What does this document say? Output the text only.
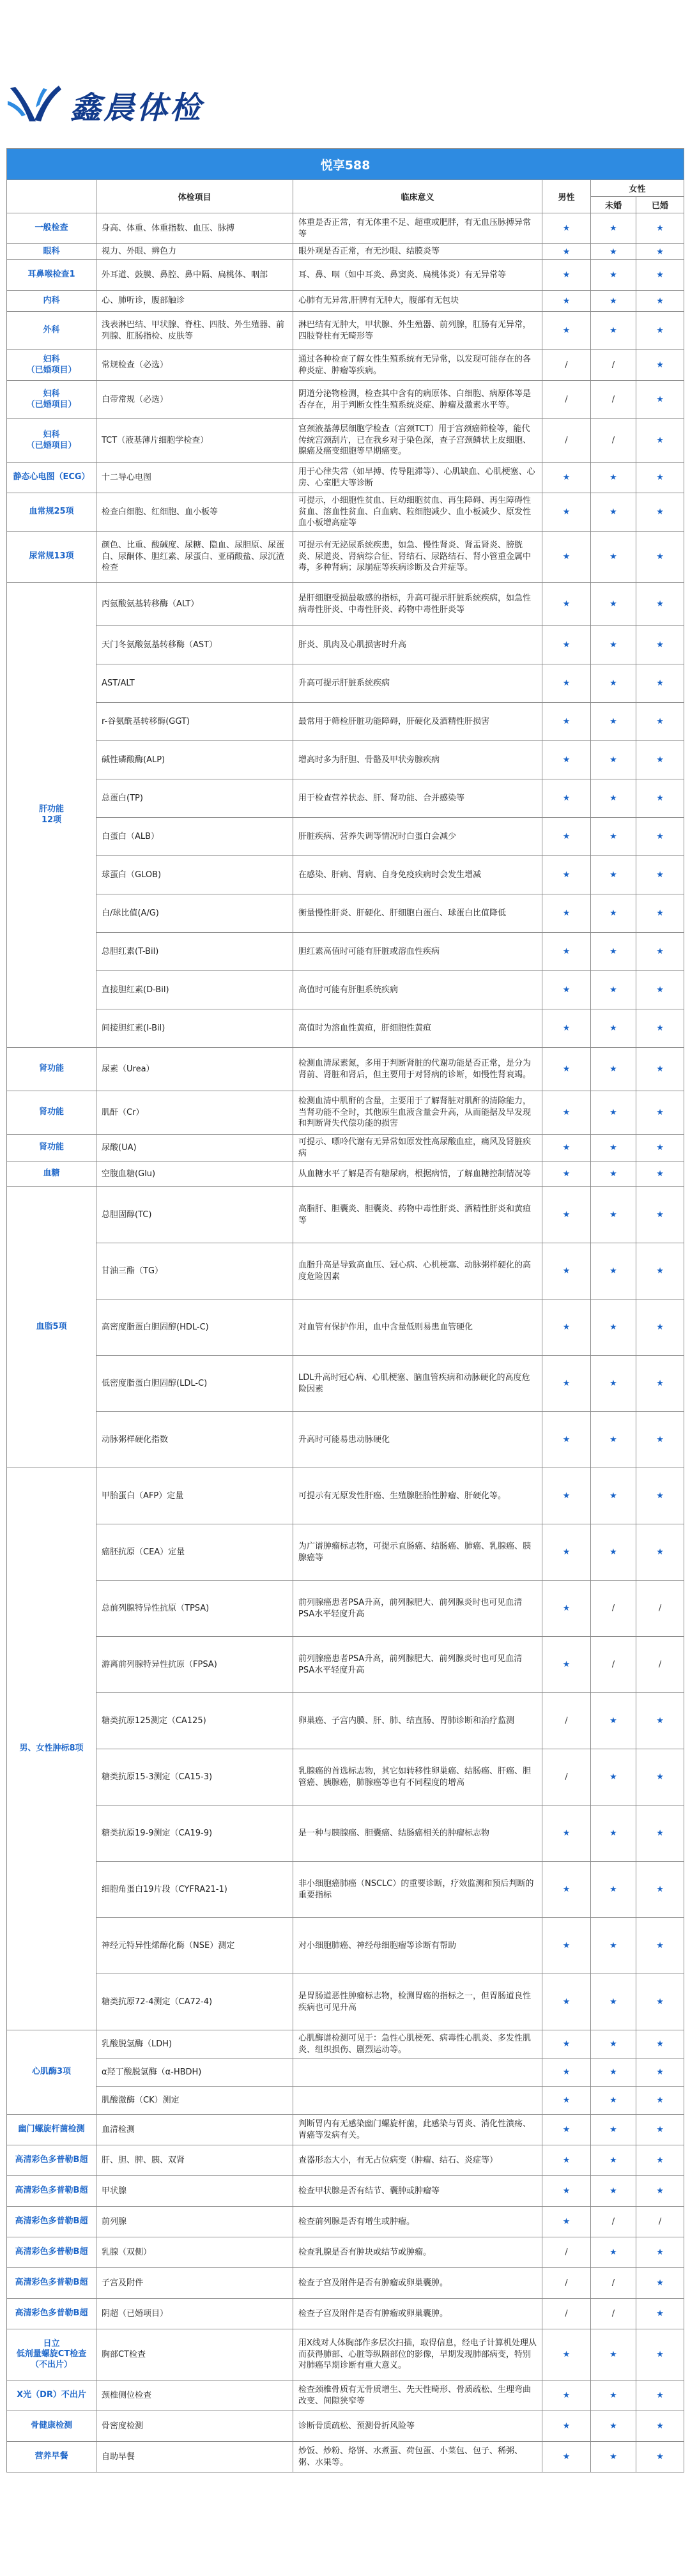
鑫晨体检
悦享588					
	体检项目	临床意义	男性	女性	
				未婚	已婚
一般检查	身高、体重、体重指数、血压、脉搏	体重是否正常，有无体重不足、超重或肥胖，有无血压脉搏异常等	★	★	★
眼科	视力、外眼、辨色力	眼外观是否正常，有无沙眼、结膜炎等	★	★	★
耳鼻喉检查1	外耳道、鼓膜、鼻腔、鼻中隔、扁桃体、咽部	耳、鼻、咽（如中耳炎、鼻窦炎、扁桃体炎）有无异常等	★	★	★
内科	心、肺听诊，腹部触诊	心肺有无异常,肝脾有无肿大，腹部有无包块	★	★	★
外科	浅表淋巴结、甲状腺、脊柱、四肢、外生殖器、前列腺、肛肠指检、皮肤等	淋巴结有无肿大，甲状腺、外生殖器、前列腺，肛肠有无异常，四肢脊柱有无畸形等	★	★	★
妇科
（已婚项目）	常规检查（必选）	通过各种检查了解女性生殖系统有无异常，以发现可能存在的各种炎症、肿瘤等疾病。	/	/	★
妇科
（已婚项目）	白带常规（必选）	阴道分泌物检测，检查其中含有的病原体、白细胞、病原体等是否存在，用于判断女性生殖系统炎症、肿瘤及激素水平等。	/	/	★
妇科
（已婚项目）	TCT（液基薄片细胞学检查）	宫颈液基薄层细胞学检查（宫颈TCT）用于宫颈癌筛检等，能代传统宫颈刮片，已在我乡对于染色深，查子宫颈鳞状上皮细胞、腺癌及癌变细胞等早期癌变。	/	/	★
静态心电图（ECG）	十二导心电图	用于心律失常（如早搏、传导阻滞等）、心肌缺血、心肌梗塞、心房、心室肥大等诊断	★	★	★
血常规25项	检查白细胞、红细胞、血小板等	可提示，小细胞性贫血、巨幼细胞贫血、再生障碍、再生障碍性贫血、溶血性贫血、白血病、粒细胞减少、血小板减少、原发性血小板增高症等	★	★	★
尿常规13项	颜色、比重、酸碱度、尿糖、隐血、尿胆原、尿蛋白、尿酮体、胆红素、尿蛋白、亚硝酸盐、尿沉渣检查	可提示有无泌尿系统疾患，如急、慢性肾炎、肾盂肾炎、膀胱炎、尿道炎、肾病综合征、肾结石、尿路结石、肾小管重金属中毒，多种肾病；尿崩症等疾病诊断及合并症等。	★	★	★
肝功能
12项	丙氨酸氨基转移酶（ALT）	是肝细胞受损最敏感的指标，升高可提示肝脏系统疾病，如急性病毒性肝炎、中毒性肝炎、药物中毒性肝炎等	★	★	★
	天门冬氨酸氨基转移酶（AST）	肝炎、肌肉及心肌损害时升高	★	★	★
	AST/ALT	升高可提示肝脏系统疾病	★	★	★
	r-谷氨酰基转移酶(GGT)	最常用于筛检肝脏功能障碍，肝硬化及酒精性肝损害	★	★	★
	碱性磷酸酶(ALP)	增高时多为肝胆、骨骼及甲状旁腺疾病	★	★	★
	总蛋白(TP)	用于检查营养状态、肝、肾功能、合并感染等	★	★	★
	白蛋白（ALB）	肝脏疾病、营养失调等情况时白蛋白会减少	★	★	★
	球蛋白（GLOB)	在感染、肝病、肾病、自身免疫疾病时会发生增减	★	★	★
	白/球比值(A/G)	衡量慢性肝炎、肝硬化、肝细胞白蛋白、球蛋白比值降低	★	★	★
	总胆红素(T-Bil)	胆红素高值时可能有肝脏或溶血性疾病	★	★	★
	直接胆红素(D-Bil)	高值时可能有肝胆系统疾病	★	★	★
	间接胆红素(I-Bil)	高值时为溶血性黄疸，肝细胞性黄疸	★	★	★
肾功能	尿素（Urea）	检测血清尿素氮，多用于判断肾脏的代谢功能是否正常，是分为肾前、肾脏和肾后，但主要用于对肾病的诊断，如慢性肾衰竭。	★	★	★
肾功能	肌酐（Cr）	检测血清中肌酐的含量，主要用于了解肾脏对肌酐的清除能力，当肾功能不全时，其他原生血液含量会升高，从而能据及早发现和判断肾失代偿功能的损害	★	★	★
肾功能	尿酸(UA)	可提示、嘌呤代谢有无异常如原发性高尿酸血症，痛风及肾脏疾病	★	★	★
血糖	空腹血糖(Glu)	从血糖水平了解是否有糖尿病，根据病情，了解血糖控制情况等	★	★	★
血脂5项	总胆固醇(TC)	高脂肝、胆囊炎、胆囊炎、药物中毒性肝炎、酒精性肝炎和黄疸等	★	★	★
	甘油三酯（TG）	血脂升高是导致高血压、冠心病、心机梗塞、动脉粥样硬化的高度危险因素	★	★	★
	高密度脂蛋白胆固醇(HDL-C)	对血管有保护作用，血中含量低则易患血管硬化	★	★	★
	低密度脂蛋白胆固醇(LDL-C)	LDL升高时冠心病、心肌梗塞、脑血管疾病和动脉硬化的高度危险因素	★	★	★
	动脉粥样硬化指数	升高时可能易患动脉硬化	★	★	★
男、女性肿标8项	甲胎蛋白（AFP）定量	可提示有无原发性肝癌、生殖腺胚胎性肿瘤、肝硬化等。	★	★	★
	癌胚抗原（CEA）定量	为广谱肿瘤标志物，可提示直肠癌、结肠癌、肺癌、乳腺癌、胰腺癌等	★	★	★
	总前列腺特异性抗原（TPSA)	前列腺癌患者PSA升高，前列腺肥大、前列腺炎时也可见血清PSA水平轻度升高	★	/	/
	游离前列腺特异性抗原（FPSA)	前列腺癌患者PSA升高，前列腺肥大、前列腺炎时也可见血清PSA水平轻度升高	★	/	/
	糖类抗原125测定（CA125)	卵巢癌、子宫内膜、肝、肺、结直肠、胃肺诊断和治疗监测	/	★	★
	糖类抗原15-3测定（CA15-3)	乳腺癌的首选标志物，其它如转移性卵巢癌、结肠癌、肝癌、胆管癌、胰腺癌，肺腺癌等也有不同程度的增高	/	★	★
	糖类抗原19-9测定（CA19-9)	是一种与胰腺癌、胆囊癌、结肠癌相关的肿瘤标志物	★	★	★
	细胞角蛋白19片段（CYFRA21-1)	非小细胞癌肺癌（NSCLC）的重要诊断，疗效监测和预后判断的重要指标	★	★	★
	神经元特异性烯醇化酶（NSE）测定	对小细胞肺癌、神经母细胞瘤等诊断有帮助	★	★	★
	糖类抗原72-4测定（CA72-4)	是胃肠道恶性肿瘤标志物，检测胃癌的指标之一，但胃肠道良性疾病也可见升高	★	★	★
心肌酶3项	乳酸脱氢酶（LDH)	心肌酶谱检测可见于：急性心肌梗死、病毒性心肌炎、多发性肌炎、组织损伤、剧烈运动等。	★	★	★
	α羟丁酸脱氢酶（α-HBDH)		★	★	★
	肌酸激酶（CK）测定		★	★	★
幽门螺旋杆菌检测	血清检测	判断胃内有无感染幽门螺旋杆菌，此感染与胃炎、消化性溃疡、胃癌等发病有关。	★	★	★
高清彩色多普勒B超	肝、胆、脾、胰、双肾	查器形态大小，有无占位病变（肿瘤、结石、炎症等）	★	★	★
高清彩色多普勒B超	甲状腺	检查甲状腺是否有结节、囊肿或肿瘤等	★	★	★
高清彩色多普勒B超	前列腺	检查前列腺是否有增生或肿瘤。	★	/	/
高清彩色多普勒B超	乳腺（双侧）	检查乳腺是否有肿块或结节或肿瘤。	/	★	★
高清彩色多普勒B超	子宫及附件	检查子宫及附件是否有肿瘤或卵巢囊肿。	/	/	★
高清彩色多普勒B超	阴超（已婚项目）	检查子宫及附件是否有肿瘤或卵巢囊肿。	/	/	★
日立
低剂量螺旋CT检查
（不出片）	胸部CT检查	用X线对人体胸部作多层次扫描，取得信息，经电子计算机处理从而获得肺部、心脏等纵隔部位的影像，早期发现肺部病变，特别对肺癌早期诊断有重大意义。	★	★	★
X光（DR）不出片	颈椎侧位检查	检查颈椎骨质有无骨质增生、先天性畸形、骨质疏松、生理弯曲改变、间隙狭窄等	★	★	★
骨健康检测	骨密度检测	诊断骨质疏松、预测骨折风险等	★	★	★
营养早餐	自助早餐	炒饭、炒粉、烙饼、水煮蛋、荷包蛋、小菜包、包子、稀粥、粥、水果等。	★	★	★
